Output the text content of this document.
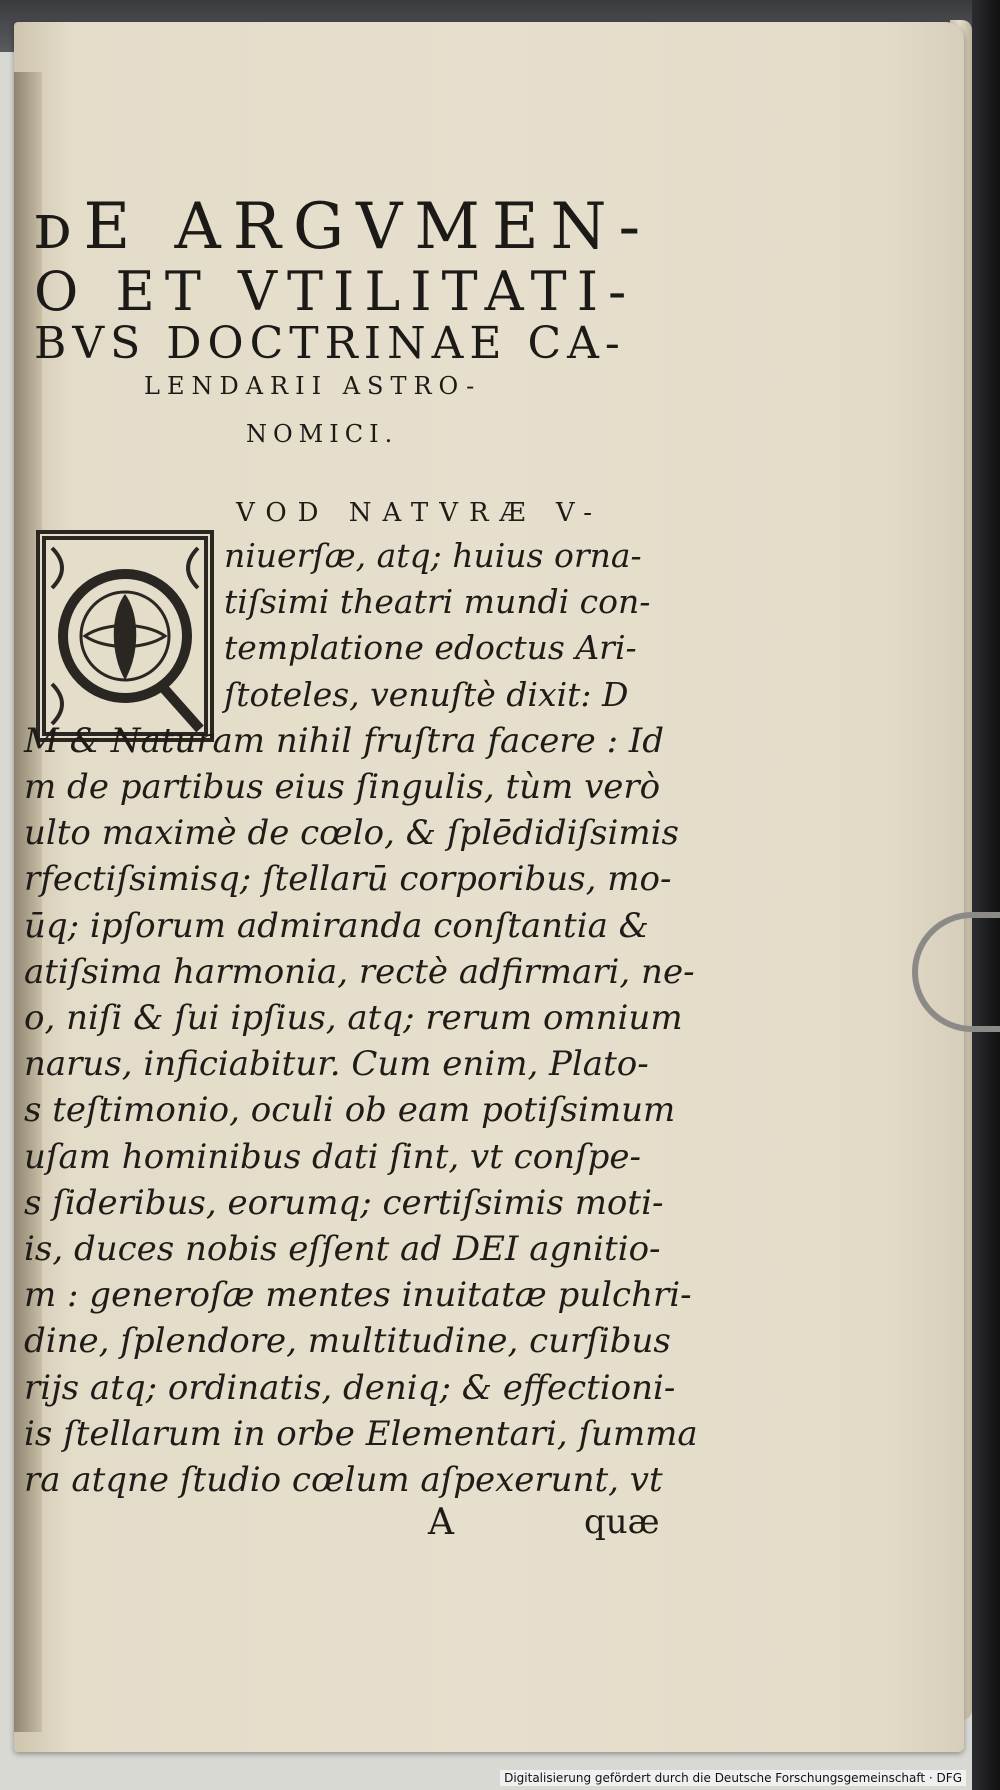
ᴅE ARGVMEN-
O ET VTILITATI-
BVS DOCTRINAE CA-
LENDARII ASTRO-
NOMICI.
VOD NATVRÆ V-
niuerſæ, atq; huius orna-
tiſsimi theatri mundi con-
templatione edoctus Ari-
ſtoteles, venuſtè dixit: D
M & Naturam nihil fruſtra facere : Id
m de partibus eius ſingulis, tùm verò
ulto maximè de cœlo, & ſplēdidiſsimis
rfectiſsimisq; ſtellarū corporibus, mo-
ūq; ipſorum admiranda conſtantia &
atiſsima harmonia, rectè adfirmari, ne-
o, niſi & ſui ipſius, atq; rerum omnium
narus, inficiabitur. Cum enim, Plato-
s teſtimonio, oculi ob eam potiſsimum
uſam hominibus dati ſint, vt conſpe-
s ſideribus, eorumq; certiſsimis moti-
is, duces nobis eſſent ad DEI agnitio-
m : generoſæ mentes inuitatæ pulchri-
dine, ſplendore, multitudine, curſibus
rijs atq; ordinatis, deniq; & effectioni-
is ſtellarum in orbe Elementari, ſumma
ra atqne ſtudio cœlum aſpexerunt, vt
A	quæ
Digitalisierung gefördert durch die Deutsche Forschungsgemeinschaft · DFG
